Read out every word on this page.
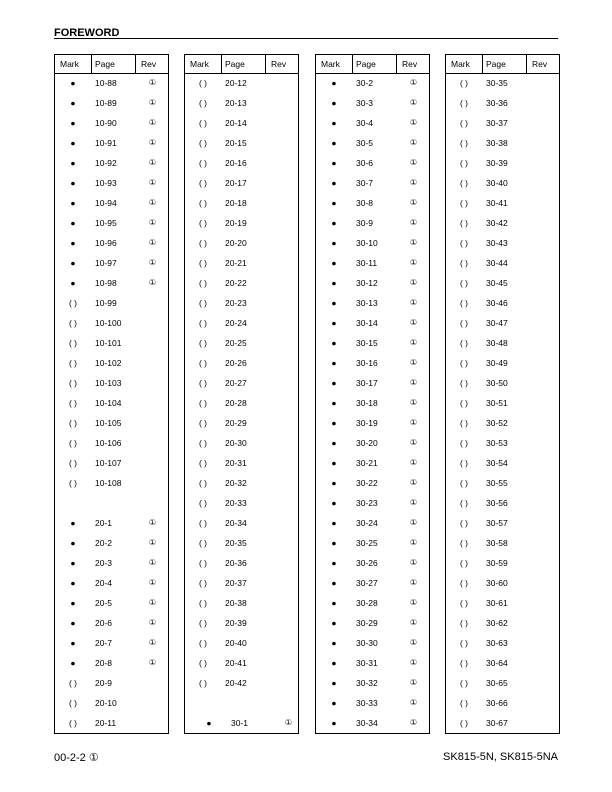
FOREWORD
Mark Page	Rev
●	10-88	①
●	10-89	①
●	10-90	①
●	10-91	①
●	10-92	①
●	10-93	①
●	10-94	①
●	10-95	①
●	10-96	①
●	10-97	①
●	10-98	①
( )	10-99
( )	10-100
( )	10-101
( )	10-102
( )	10-103
( )	10-104
( )	10-105
( )	10-106
( )	10-107
( )	10-108
●	20-1	①
●	20-2	①
●	20-3	①
●	20-4	①
●	20-5	①
●	20-6	①
●	20-7	①
●	20-8	①
( )	20-9
( )	20-10
( )	20-11
Mark Page	Rev
( )	20-12
( )	20-13
( )	20-14
( )	20-15
( )	20-16
( )	20-17
( )	20-18
( )	20-19
( )	20-20
( )	20-21
( )	20-22
( )	20-23
( )	20-24
( )	20-25
( )	20-26
( )	20-27
( )	20-28
( )	20-29
( )	20-30
( )	20-31
( )	20-32
( )	20-33
( )	20-34
( )	20-35
( )	20-36
( )	20-37
( )	20-38
( )	20-39
( )	20-40
( )	20-41
( )	20-42
●	30-1	①
Mark Page	Rev
●	30-2	①
●	30-3	①
●	30-4	①
●	30-5	①
●	30-6	①
●	30-7	①
●	30-8	①
●	30-9	①
●	30-10	①
●	30-11	①
●	30-12	①
●	30-13	①
●	30-14	①
●	30-15	①
●	30-16	①
●	30-17	①
●	30-18	①
●	30-19	①
●	30-20	①
●	30-21	①
●	30-22	①
●	30-23	①
●	30-24	①
●	30-25	①
●	30-26	①
●	30-27	①
●	30-28	①
●	30-29	①
●	30-30	①
●	30-31	①
●	30-32	①
●	30-33	①
●	30-34	①
Mark Page	Rev
( )	30-35
( )	30-36
( )	30-37
( )	30-38
( )	30-39
( )	30-40
( )	30-41
( )	30-42
( )	30-43
( )	30-44
( )	30-45
( )	30-46
( )	30-47
( )	30-48
( )	30-49
( )	30-50
( )	30-51
( )	30-52
( )	30-53
( )	30-54
( )	30-55
( )	30-56
( )	30-57
( )	30-58
( )	30-59
( )	30-60
( )	30-61
( )	30-62
( )	30-63
( )	30-64
( )	30-65
( )	30-66
( )	30-67
00-2-2 ①	SK815-5N, SK815-5NA
